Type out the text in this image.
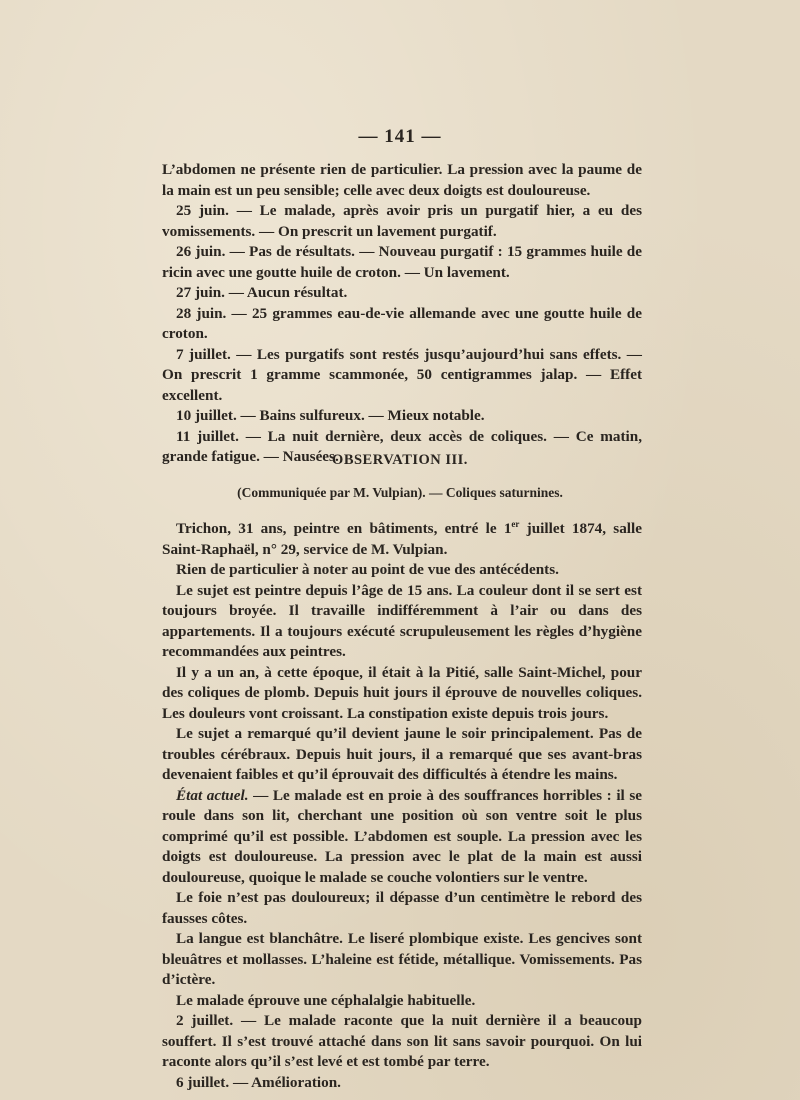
— 141 —

L’abdomen ne présente rien de particulier. La pression avec la paume de la main est un peu sensible; celle avec deux doigts est douloureuse.

25 juin. — Le malade, après avoir pris un purgatif hier, a eu des vomissements. — On prescrit un lavement purgatif.

26 juin. — Pas de résultats. — Nouveau purgatif : 15 grammes huile de ricin avec une goutte huile de croton. — Un lavement.

27 juin. — Aucun résultat.

28 juin. — 25 grammes eau-de-vie allemande avec une goutte huile de croton.

7 juillet. — Les purgatifs sont restés jusqu’aujourd’hui sans effets. — On prescrit 1 gramme scammonée, 50 centigrammes jalap. — Effet excellent.

10 juillet. — Bains sulfureux. — Mieux notable.

11 juillet. — La nuit dernière, deux accès de coliques. — Ce matin, grande fatigue. — Nausées.

OBSERVATION III.
(Communiquée par M. Vulpian). — Coliques saturnines.

Trichon, 31 ans, peintre en bâtiments, entré le 1er juillet 1874, salle Saint-Raphaël, n° 29, service de M. Vulpian.

Rien de particulier à noter au point de vue des antécédents.

Le sujet est peintre depuis l’âge de 15 ans. La couleur dont il se sert est toujours broyée. Il travaille indifféremment à l’air ou dans des appartements. Il a toujours exécuté scrupuleusement les règles d’hygiène recommandées aux peintres.

Il y a un an, à cette époque, il était à la Pitié, salle Saint-Michel, pour des coliques de plomb. Depuis huit jours il éprouve de nouvelles coliques. Les douleurs vont croissant. La constipation existe depuis trois jours.

Le sujet a remarqué qu’il devient jaune le soir principalement. Pas de troubles cérébraux. Depuis huit jours, il a remarqué que ses avant-bras devenaient faibles et qu’il éprouvait des difficultés à étendre les mains.

État actuel. — Le malade est en proie à des souffrances horribles : il se roule dans son lit, cherchant une position où son ventre soit le plus comprimé qu’il est possible. L’abdomen est souple. La pression avec les doigts est douloureuse. La pression avec le plat de la main est aussi douloureuse, quoique le malade se couche volontiers sur le ventre.

Le foie n’est pas douloureux; il dépasse d’un centimètre le rebord des fausses côtes.

La langue est blanchâtre. Le liseré plombique existe. Les gencives sont bleuâtres et mollasses. L’haleine est fétide, métallique. Vomissements. Pas d’ictère.

Le malade éprouve une céphalalgie habituelle.

2 juillet. — Le malade raconte que la nuit dernière il a beaucoup souffert. Il s’est trouvé attaché dans son lit sans savoir pourquoi. On lui raconte alors qu’il s’est levé et est tombé par terre.

6 juillet. — Amélioration.
